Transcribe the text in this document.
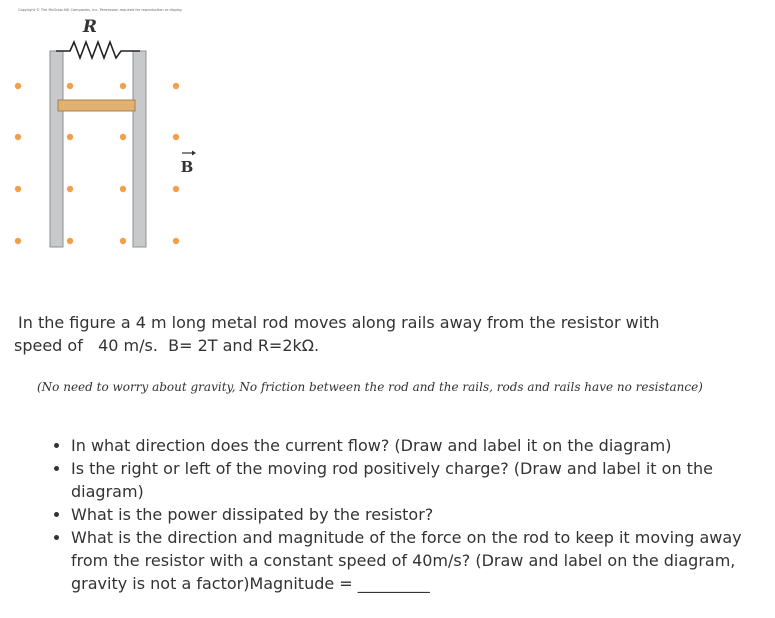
Copyright © The McGraw-Hill Companies, Inc. Permission required for reproduction or display.
R
B
In the figure a 4 m long metal rod moves along rails away from the resistor with
speed of   40 m/s.  B= 2T and R=2kΩ.
(No need to worry about gravity, No friction between the rod and the rails, rods and rails have no resistance)
• In what direction does the current flow? (Draw and label it on the diagram)
• Is the right or left of the moving rod positively charge? (Draw and label it on the diagram)
• What is the power dissipated by the resistor?
• What is the direction and magnitude of the force on the rod to keep it moving away from the resistor with a constant speed of 40m/s? (Draw and label on the diagram, gravity is not a factor)Magnitude = _________
